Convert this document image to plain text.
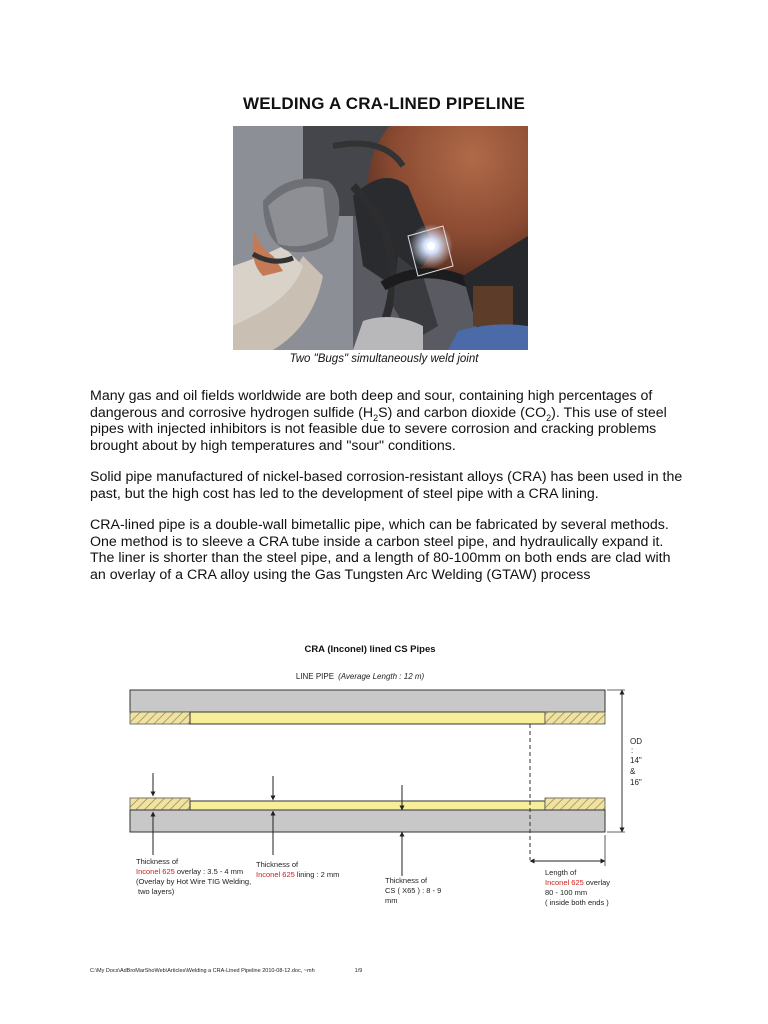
WELDING A CRA-LINED PIPELINE
Two "Bugs" simultaneously weld joint

Many gas and oil fields worldwide are both deep and sour, containing high percentages of dangerous and corrosive hydrogen sulfide $(H_2S)$ and carbon dioxide $(CO_2)$. This use of steel pipes with injected inhibitors is not feasible due to severe corrosion and cracking problems brought about by high temperatures and "sour" conditions.

Solid pipe manufactured of nickel-based corrosion-resistant alloys (CRA) has been used in the past, but the high cost has led to the development of steel pipe with a CRA lining.

CRA-lined pipe is a double-wall bimetallic pipe, which can be fabricated by several methods. One method is to sleeve a CRA tube inside a carbon steel pipe, and hydraulically expand it. The liner is shorter than the steel pipe, and a length of 80-100mm on both ends are clad with an overlay of a CRA alloy using the Gas Tungsten Arc Welding (GTAW) process

CRA (Inconel) lined CS Pipes
LINE PIPE (Average Length : 12 m)
OD : 14" & 16"
Thickness of Inconel 625 overlay : 3.5 - 4 mm (Overlay by Hot Wire TIG Welding, two layers)
Thickness of Inconel 625 lining : 2 mm
Thickness of CS ( X65 ) : 8 - 9 mm
Length of Inconel 625 overlay 80 - 100 mm ( inside both ends )
C:\My Docs\AdBroMarShoWeb\Articles\Welding a CRA-Lined Pipeline 2010-08-12.doc, ~mh	1/9
